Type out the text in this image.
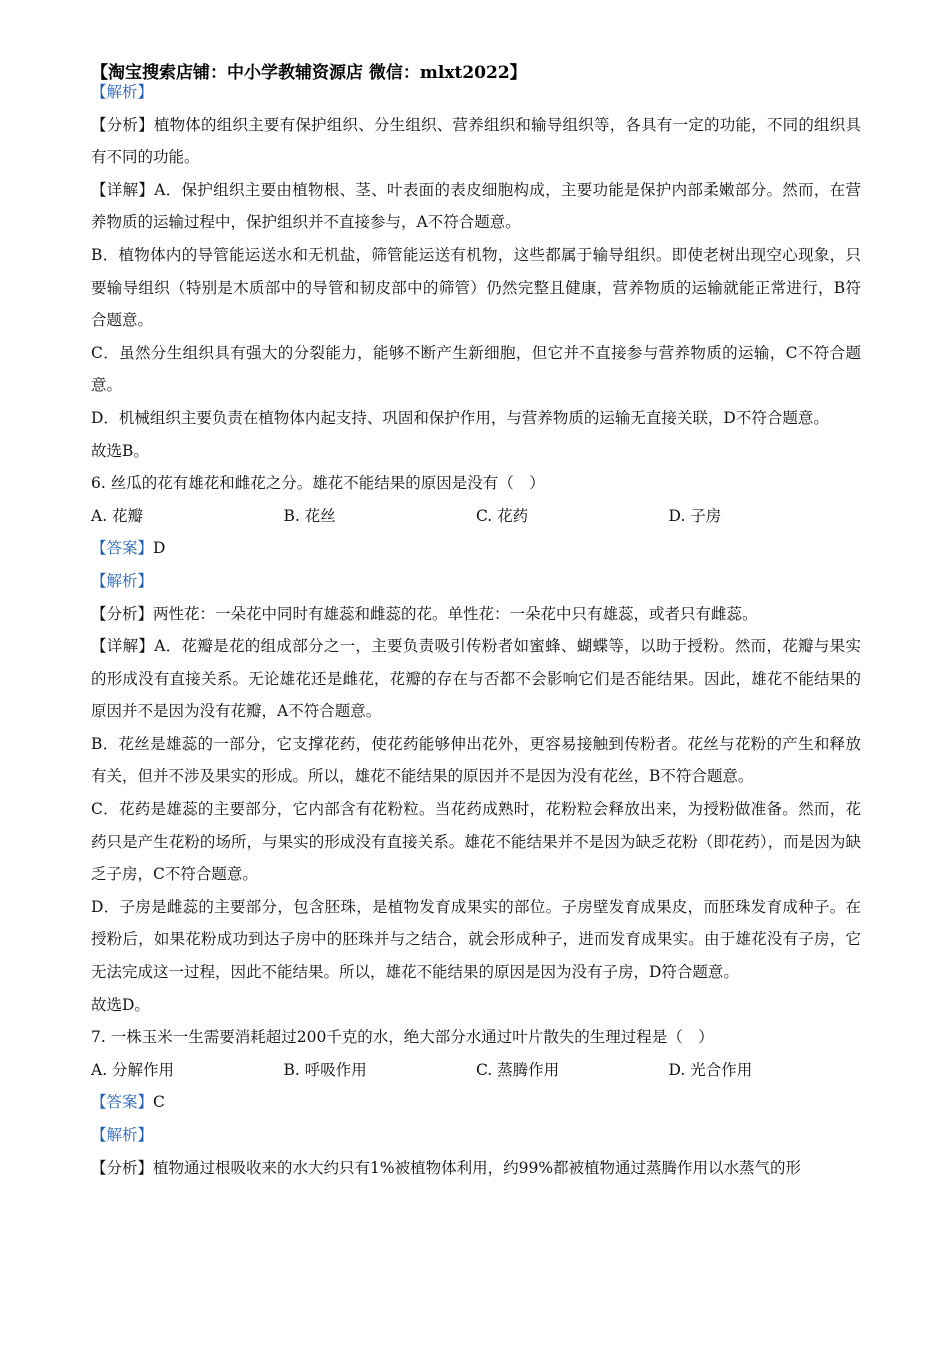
【淘宝搜索店铺：中小学教辅资源店 微信：mlxt2022】

【解析】

【分析】植物体的组织主要有保护组织、分生组织、营养组织和输导组织等，各具有一定的功能，不同的组织具有不同的功能。

【详解】A．保护组织主要由植物根、茎、叶表面的表皮细胞构成，主要功能是保护内部柔嫩部分。然而，在营养物质的运输过程中，保护组织并不直接参与，A不符合题意。

B．植物体内的导管能运送水和无机盐，筛管能运送有机物，这些都属于输导组织。即使老树出现空心现象，只要输导组织（特别是木质部中的导管和韧皮部中的筛管）仍然完整且健康，营养物质的运输就能正常进行，B符合题意。

C．虽然分生组织具有强大的分裂能力，能够不断产生新细胞，但它并不直接参与营养物质的运输，C不符合题意。

D．机械组织主要负责在植物体内起支持、巩固和保护作用，与营养物质的运输无直接关联，D不符合题意。

故选B。

6. 丝瓜的花有雄花和雌花之分。雄花不能结果的原因是没有（　）

A. 花瓣	B. 花丝	C. 花药	D. 子房

【答案】D

【解析】

【分析】两性花：一朵花中同时有雄蕊和雌蕊的花。单性花：一朵花中只有雄蕊，或者只有雌蕊。

【详解】A．花瓣是花的组成部分之一，主要负责吸引传粉者如蜜蜂、蝴蝶等，以助于授粉。然而，花瓣与果实的形成没有直接关系。无论雄花还是雌花，花瓣的存在与否都不会影响它们是否能结果。因此，雄花不能结果的原因并不是因为没有花瓣，A不符合题意。

B．花丝是雄蕊的一部分，它支撑花药，使花药能够伸出花外，更容易接触到传粉者。花丝与花粉的产生和释放有关，但并不涉及果实的形成。所以，雄花不能结果的原因并不是因为没有花丝，B不符合题意。

C．花药是雄蕊的主要部分，它内部含有花粉粒。当花药成熟时，花粉粒会释放出来，为授粉做准备。然而，花药只是产生花粉的场所，与果实的形成没有直接关系。雄花不能结果并不是因为缺乏花粉（即花药），而是因为缺乏子房，C不符合题意。

D．子房是雌蕊的主要部分，包含胚珠，是植物发育成果实的部位。子房壁发育成果皮，而胚珠发育成种子。在授粉后，如果花粉成功到达子房中的胚珠并与之结合，就会形成种子，进而发育成果实。由于雄花没有子房，它无法完成这一过程，因此不能结果。所以，雄花不能结果的原因是因为没有子房，D符合题意。

故选D。

7. 一株玉米一生需要消耗超过200千克的水，绝大部分水通过叶片散失的生理过程是（　）

A. 分解作用	B. 呼吸作用	C. 蒸腾作用	D. 光合作用

【答案】C

【解析】

【分析】植物通过根吸收来的水大约只有1%被植物体利用，约99%都被植物通过蒸腾作用以水蒸气的形
